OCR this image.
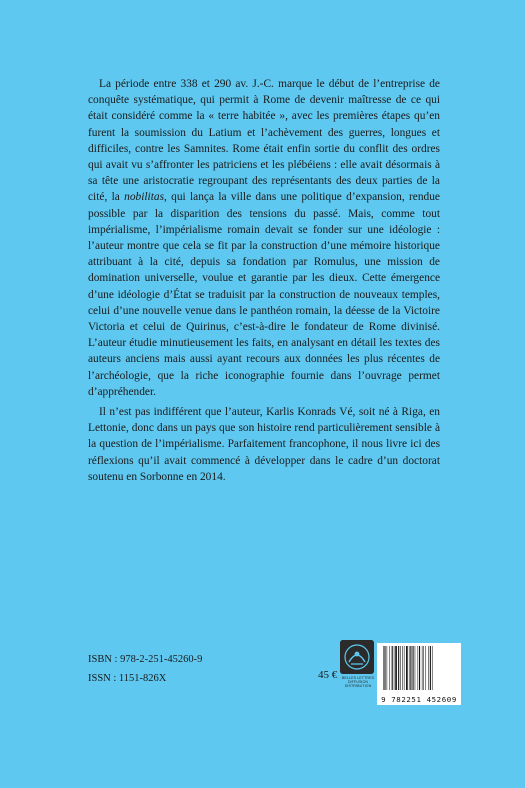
La période entre 338 et 290 av. J.-C. marque le début de l’entreprise de conquête systématique, qui permit à Rome de devenir maîtresse de ce qui était considéré comme la « terre habitée », avec les premières étapes qu’en furent la soumission du Latium et l’achèvement des guerres, longues et difficiles, contre les Samnites. Rome était enfin sortie du conflit des ordres qui avait vu s’affronter les patriciens et les plébéiens : elle avait désormais à sa tête une aristocratie regroupant des représentants des deux parties de la cité, la nobilitas, qui lança la ville dans une politique d’expansion, rendue possible par la disparition des tensions du passé. Mais, comme tout impérialisme, l’impérialisme romain devait se fonder sur une idéologie : l’auteur montre que cela se fit par la construction d’une mémoire historique attribuant à la cité, depuis sa fondation par Romulus, une mission de domination universelle, voulue et garantie par les dieux. Cette émergence d’une idéologie d’État se traduisit par la construction de nouveaux temples, celui d’une nouvelle venue dans le panthéon romain, la déesse de la Victoire Victoria et celui de Quirinus, c’est-à-dire le fondateur de Rome divinisé. L’auteur étudie minutieusement les faits, en analysant en détail les textes des auteurs anciens mais aussi ayant recours aux données les plus récentes de l’archéologie, que la riche iconographie fournie dans l’ouvrage permet d’appréhender.

Il n’est pas indifférent que l’auteur, Karlis Konrads Vé, soit né à Riga, en Lettonie, donc dans un pays que son histoire rend particulièrement sensible à la question de l’impérialisme. Parfaitement francophone, il nous livre ici des réflexions qu’il avait commencé à développer dans le cadre d’un doctorat soutenu en Sorbonne en 2014.

ISBN : 978-2-251-45260-9
ISSN : 1151-826X	45 € BELLES LETTRES
DIFFUSION
DISTRIBUTION
9 782251 452609
